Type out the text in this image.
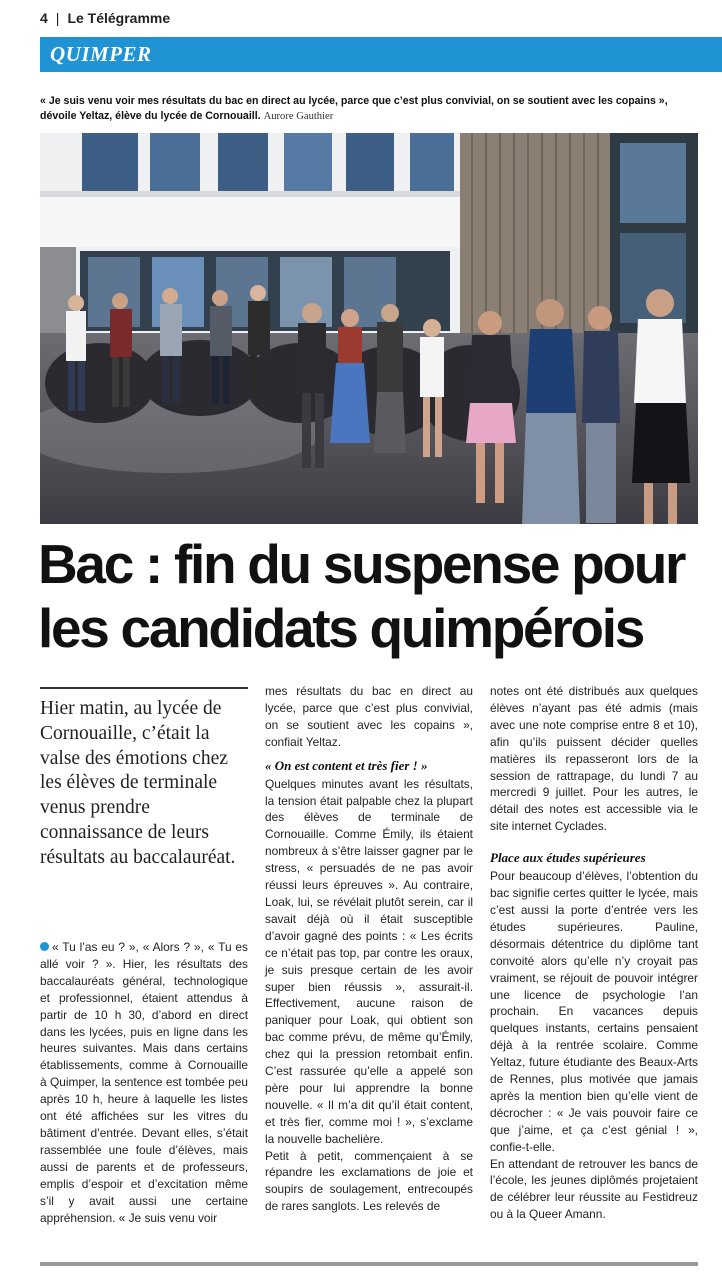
4 | Le Télégramme
QUIMPER
« Je suis venu voir mes résultats du bac en direct au lycée, parce que c’est plus convivial, on se soutient avec les copains », dévoile Yeltaz, élève du lycée de Cornouaill. Aurore Gauthier
Bac : fin du suspense pour les candidats quimpérois

Hier matin, au lycée de Cornouaille, c’était la valse des émotions chez les élèves de terminale venus prendre connaissance de leurs résultats au baccalauréat.

« Tu l’as eu ? », « Alors ? », « Tu es allé voir ? ». Hier, les résultats des baccalauréats général, technologique et professionnel, étaient attendus à partir de 10 h 30, d’abord en direct dans les lycées, puis en ligne dans les heures suivantes. Mais dans certains établissements, comme à Cornouaille à Quimper, la sentence est tombée peu après 10 h, heure à laquelle les listes ont été affichées sur les vitres du bâtiment d’entrée. Devant elles, s’était rassemblée une foule d’élèves, mais aussi de parents et de professeurs, emplis d’espoir et d’excitation même s’il y avait aussi une certaine appréhension. « Je suis venu voir

mes résultats du bac en direct au lycée, parce que c’est plus convivial, on se soutient avec les copains », confiait Yeltaz.

« On est content et très fier ! »

Quelques minutes avant les résultats, la tension était palpable chez la plupart des élèves de terminale de Cornouaille. Comme Émily, ils étaient nombreux à s’être laisser gagner par le stress, « persuadés de ne pas avoir réussi leurs épreuves ». Au contraire, Loak, lui, se révélait plutôt serein, car il savait déjà où il était susceptible d’avoir gagné des points : « Les écrits ce n’était pas top, par contre les oraux, je suis presque certain de les avoir super bien réussis », assurait-il. Effectivement, aucune raison de paniquer pour Loak, qui obtient son bac comme prévu, de même qu’Émily, chez qui la pression retombait enfin. C’est rassurée qu’elle a appelé son père pour lui apprendre la bonne nouvelle. « Il m’a dit qu’il était content, et très fier, comme moi ! », s’exclame la nouvelle bachelière.

Petit à petit, commençaient à se répandre les exclamations de joie et soupirs de soulagement, entrecoupés de rares sanglots. Les relevés de

notes ont été distribués aux quelques élèves n’ayant pas été admis (mais avec une note comprise entre 8 et 10), afin qu’ils puissent décider quelles matières ils repasseront lors de la session de rattrapage, du lundi 7 au mercredi 9 juillet. Pour les autres, le détail des notes est accessible via le site internet Cyclades.

Place aux études supérieures

Pour beaucoup d’élèves, l’obtention du bac signifie certes quitter le lycée, mais c’est aussi la porte d’entrée vers les études supérieures. Pauline, désormais détentrice du diplôme tant convoité alors qu’elle n’y croyait pas vraiment, se réjouit de pouvoir intégrer une licence de psychologie l’an prochain. En vacances depuis quelques instants, certains pensaient déjà à la rentrée scolaire. Comme Yeltaz, future étudiante des Beaux-Arts de Rennes, plus motivée que jamais après la mention bien qu’elle vient de décrocher : « Je vais pouvoir faire ce que j’aime, et ça c’est génial ! », confie-t-elle.

En attendant de retrouver les bancs de l’école, les jeunes diplômés projetaient de célébrer leur réussite au Festidreuz ou à la Queer Amann.
